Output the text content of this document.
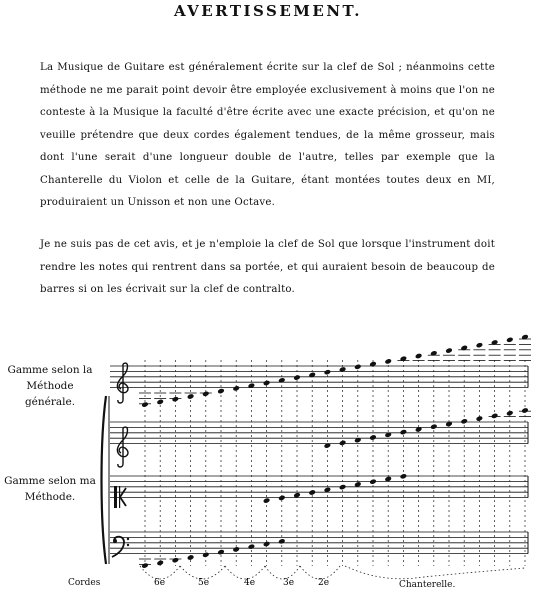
AVERTISSEMENT.
La Musique de Guitare est généralement écrite sur la clef de Sol ; néanmoins cette méthode ne me parait point devoir être employée exclusivement à moins que l'on ne conteste à la Musique la faculté d'être écrite avec une exacte précision, et qu'on ne veuille prétendre que deux cordes également tendues, de la même grosseur, mais dont l'une serait d'une longueur double de l'autre, telles par exemple que la Chanterelle du Violon et celle de la Guitare, étant montées toutes deux en MI, produiraient un Unisson et non une Octave.
Je ne suis pas de cet avis, et je n'emploie la clef de Sol que lorsque l'instrument doit rendre les notes qui rentrent dans sa portée, et qui auraient besoin de beaucoup de barres si on les écrivait sur la clef de contralto.
Gamme selon la Méthode générale.
Gamme selon ma Méthode.
Cordes	Chanterelle.
6e	5e	4e	3e	2e
